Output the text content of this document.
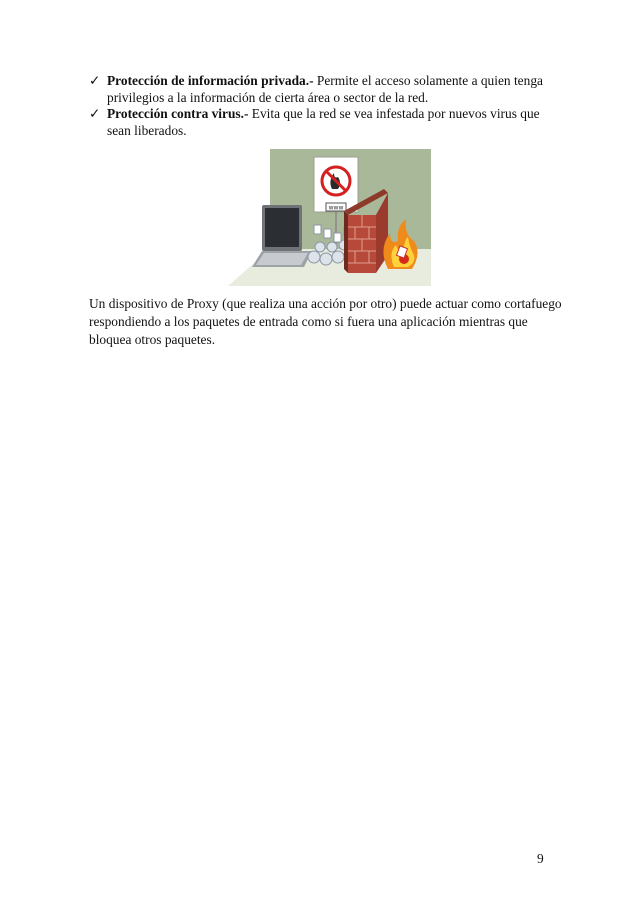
✓ Protección de información privada.- Permite el acceso solamente a quien tenga privilegios a la información de cierta área o sector de la red.
✓ Protección contra virus.- Evita que la red se vea infestada por nuevos virus que sean liberados.
www
Un dispositivo de Proxy (que realiza una acción por otro) puede actuar como cortafuego
respondiendo a los paquetes de entrada como si fuera una aplicación mientras que
bloquea otros paquetes.
9
